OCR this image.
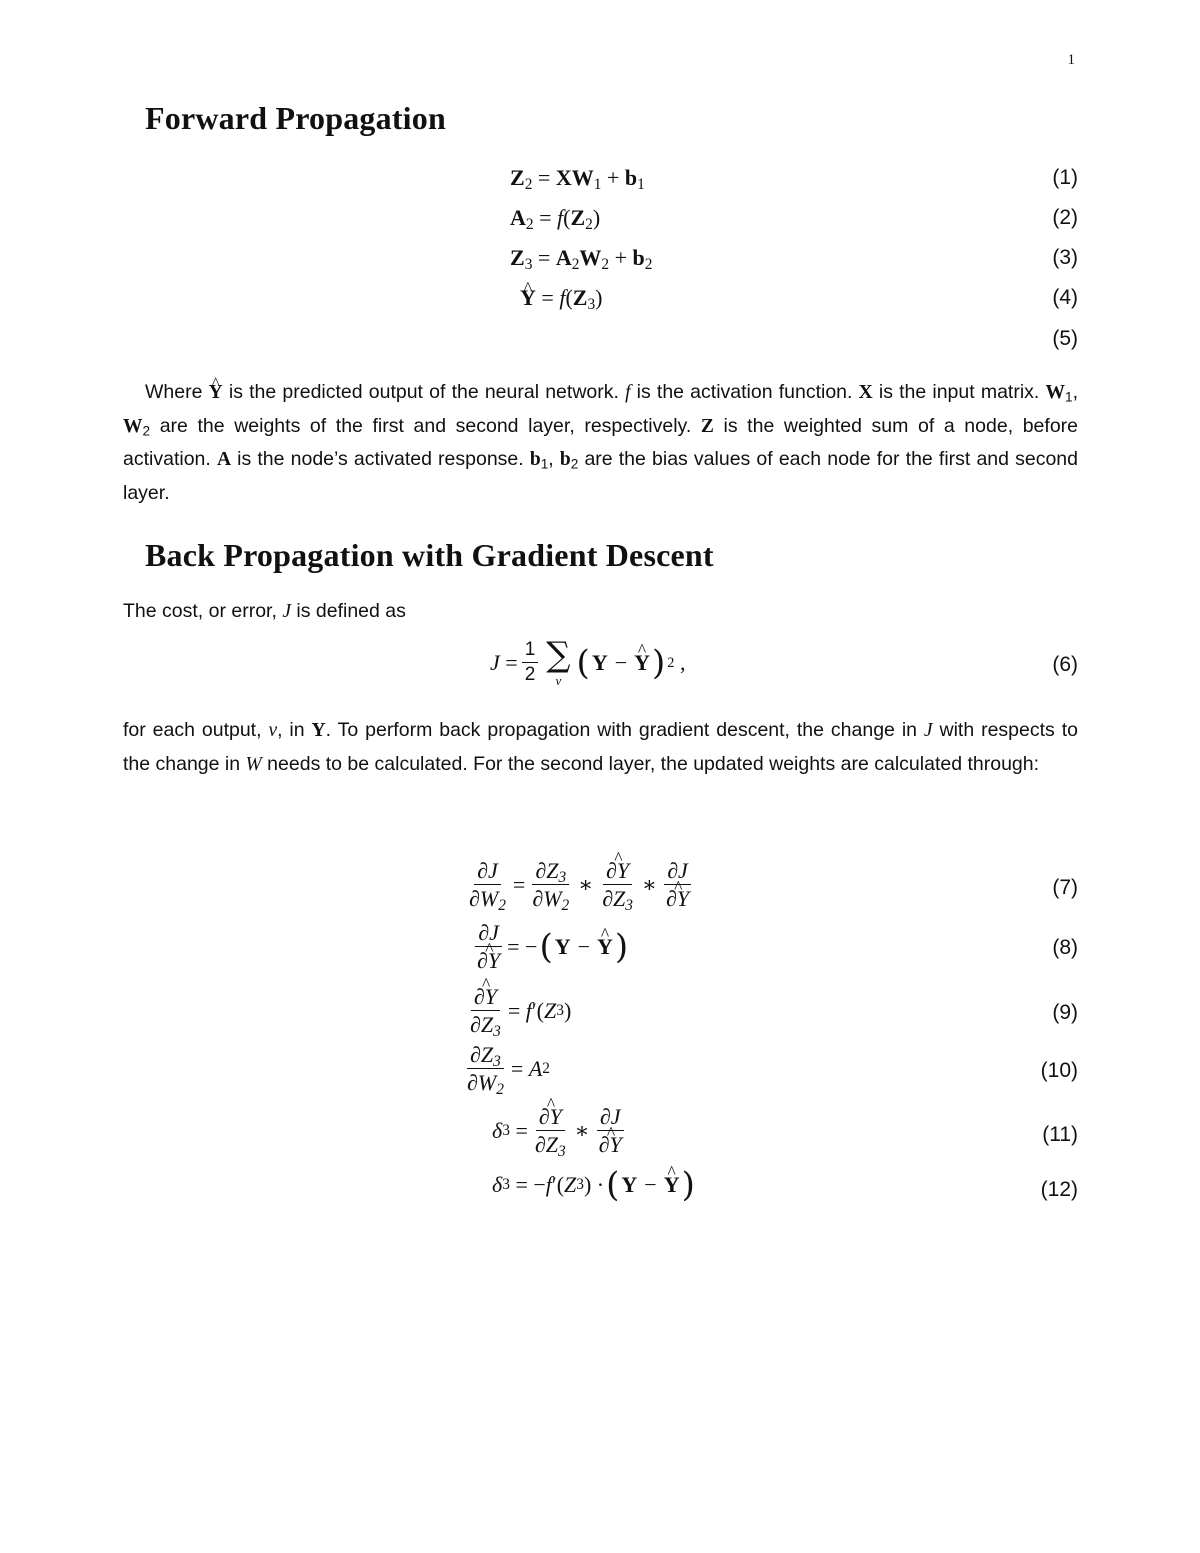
1
Forward Propagation
$Z_2 = XW_1 + b_1$	(1)
$A_2 = f(Z_2)$	(2)
$Z_3 = A_2W_2 + b_2$	(3)
^ $Y = f(Z_3)$	(4)
(5)

Where ^ Y is the predicted output of the neural network. f is the activation function. X is the input matrix. $W_1$, $W_2$ are the weights of the first and second layer, respectively. Z is the weighted sum of a node, before activation. A is the node’s activated response. $b_1$, $b_2$ are the bias values of each node for the first and second layer.

Back Propagation with Gradient Descent

The cost, or error, J is defined as

$J = \frac{1}{2}$ ∑
v ( Y − ^ Y ) 2 ,	(6)

for each output, v, in Y. To perform back propagation with gradient descent, the change in J with respects to the change in W needs to be calculated. For the second layer, the updated weights are calculated through:

$\frac{\partial J}{\partial W_2} = \frac{\partial Z_3}{\partial W_2}$ ∗ ^ $\frac{\partial Y}{\partial Z_3}$ ∗ ∂J
^ ∂Y	(7)
∂J
^ ∂Y = − ( Y − ^ Y )	(8)
^ $\frac{\partial Y}{\partial Z_3} = f$ ′( Z 3 )	(9)
$\frac{\partial Z_3}{\partial W_2} = A$ 2	(10)
δ 3 = ^ $\frac{\partial Y}{\partial Z_3}$ ∗ ∂J
^ ∂Y	(11)
δ 3 = − f ′( Z 3 ) · ( Y − ^ Y )	(12)
